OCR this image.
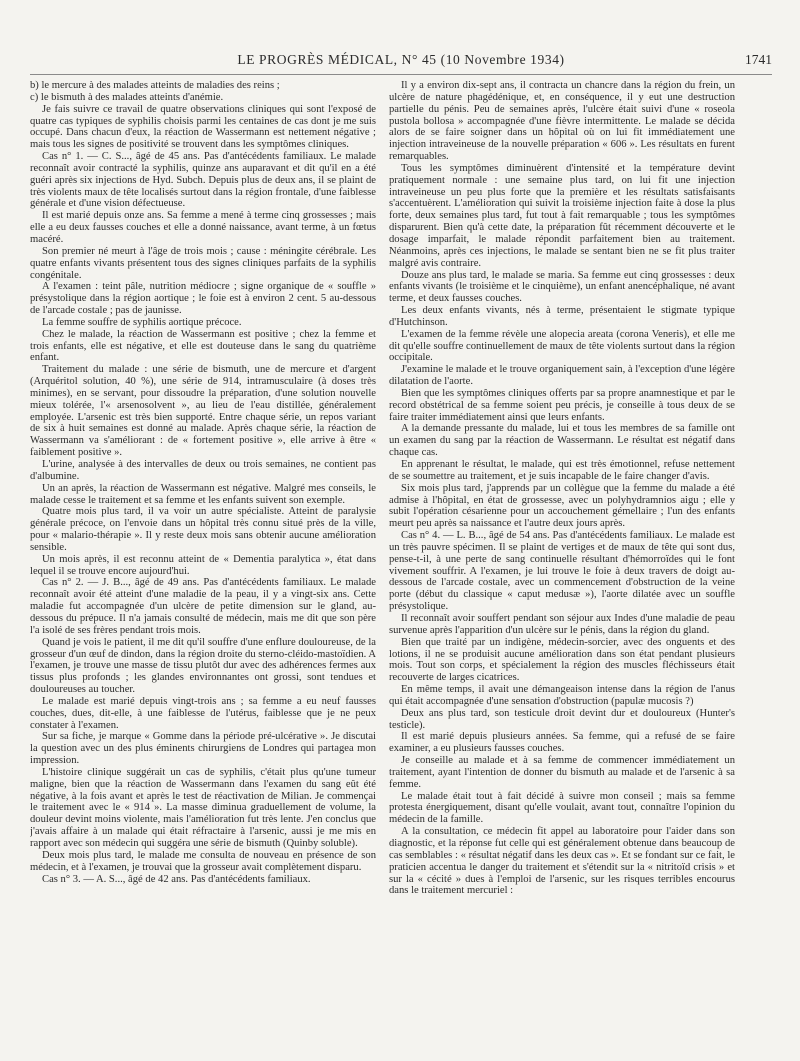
LE PROGRÈS MÉDICAL, N° 45 (10 Novembre 1934)	1741

b) le mercure à des malades atteints de maladies des reins ;

c) le bismuth à des malades atteints d'anémie.

Je fais suivre ce travail de quatre observations cliniques qui sont l'exposé de quatre cas typiques de syphilis choisis parmi les centaines de cas dont je me suis occupé. Dans chacun d'eux, la réaction de Wassermann est nettement négative ; mais tous les signes de positivité se trouvent dans les symptômes cliniques.

Cas n° 1. — C. S..., âgé de 45 ans. Pas d'antécédents familiaux. Le malade reconnaît avoir contracté la syphilis, quinze ans auparavant et dit qu'il en a été guéri après six injections de Hyd. Subch. Depuis plus de deux ans, il se plaint de très violents maux de tête localisés surtout dans la région frontale, d'une faiblesse générale et d'une vision défectueuse.

Il est marié depuis onze ans. Sa femme a mené à terme cinq grossesses ; mais elle a eu deux fausses couches et elle a donné naissance, avant terme, à un fœtus macéré.

Son premier né meurt à l'âge de trois mois ; cause : méningite cérébrale. Les quatre enfants vivants présentent tous des signes cliniques parfaits de la syphilis congénitale.

A l'examen : teint pâle, nutrition médiocre ; signe organique de « souffle » présystolique dans la région aortique ; le foie est à environ 2 cent. 5 au-dessous de l'arcade costale ; pas de jaunisse.

La femme souffre de syphilis aortique précoce.

Chez le malade, la réaction de Wassermann est positive ; chez la femme et trois enfants, elle est négative, et elle est douteuse dans le sang du quatrième enfant.

Traitement du malade : une série de bismuth, une de mercure et d'argent (Arquéritol solution, 40 %), une série de 914, intramusculaire (à doses très minimes), en se servant, pour dissoudre la préparation, d'une solution nouvelle mieux tolérée, l'« arsenosolvent », au lieu de l'eau distillée, généralement employée. L'arsenic est très bien supporté. Entre chaque série, un repos variant de six à huit semaines est donné au malade. Après chaque série, la réaction de Wassermann va s'améliorant : de « fortement positive », elle arrive à être « faiblement positive ».

L'urine, analysée à des intervalles de deux ou trois semaines, ne contient pas d'albumine.

Un an après, la réaction de Wassermann est négative. Malgré mes conseils, le malade cesse le traitement et sa femme et les enfants suivent son exemple.

Quatre mois plus tard, il va voir un autre spécialiste. Atteint de paralysie générale précoce, on l'envoie dans un hôpital très connu situé près de la ville, pour « malario-thérapie ». Il y reste deux mois sans obtenir aucune amélioration sensible.

Un mois après, il est reconnu atteint de « Dementia paralytica », état dans lequel il se trouve encore aujourd'hui.

Cas n° 2. — J. B..., âgé de 49 ans. Pas d'antécédents familiaux. Le malade reconnaît avoir été atteint d'une maladie de la peau, il y a vingt-six ans. Cette maladie fut accompagnée d'un ulcère de petite dimension sur le gland, au-dessous du prépuce. Il n'a jamais consulté de médecin, mais me dit que son père l'a isolé de ses frères pendant trois mois.

Quand je vois le patient, il me dit qu'il souffre d'une enflure douloureuse, de la grosseur d'un œuf de dindon, dans la région droite du sterno-cléido-mastoïdien. A l'examen, je trouve une masse de tissu plutôt dur avec des adhérences fermes aux tissus plus profonds ; les glandes environnantes ont grossi, sont tendues et douloureuses au toucher.

Le malade est marié depuis vingt-trois ans ; sa femme a eu neuf fausses couches, dues, dit-elle, à une faiblesse de l'utérus, faiblesse que je ne peux constater à l'examen.

Sur sa fiche, je marque « Gomme dans la période pré-ulcérative ». Je discutai la question avec un des plus éminents chirurgiens de Londres qui partagea mon impression.

L'histoire clinique suggérait un cas de syphilis, c'était plus qu'une tumeur maligne, bien que la réaction de Wassermann dans l'examen du sang eût été négative, à la fois avant et après le test de réactivation de Milian. Je commençai le traitement avec le « 914 ». La masse diminua graduellement de volume, la douleur devint moins violente, mais l'amélioration fut très lente. J'en conclus que j'avais affaire à un malade qui était réfractaire à l'arsenic, aussi je me mis en rapport avec son médecin qui suggéra une série de bismuth (Quinby soluble).

Deux mois plus tard, le malade me consulta de nouveau en présence de son médecin, et à l'examen, je trouvai que la grosseur avait complètement disparu.

Cas n° 3. — A. S..., âgé de 42 ans. Pas d'antécédents familiaux.

Il y a environ dix-sept ans, il contracta un chancre dans la région du frein, un ulcère de nature phagédénique, et, en conséquence, il y eut une destruction partielle du pénis. Peu de semaines après, l'ulcère était suivi d'une « roseola pustola bollosa » accompagnée d'une fièvre intermittente. Le malade se décida alors de se faire soigner dans un hôpital où on lui fit immédiatement une injection intraveineuse de la nouvelle préparation « 606 ». Les résultats en furent remarquables.

Tous les symptômes diminuèrent d'intensité et la température devint pratiquement normale : une semaine plus tard, on lui fit une injection intraveineuse un peu plus forte que la première et les résultats satisfaisants s'accentuèrent. L'amélioration qui suivit la troisième injection faite à dose la plus forte, deux semaines plus tard, fut tout à fait remarquable ; tous les symptômes disparurent. Bien qu'à cette date, la préparation fût récemment découverte et le dosage imparfait, le malade répondit parfaitement bien au traitement. Néanmoins, après ces injections, le malade se sentant bien ne se fit plus traiter malgré avis contraire.

Douze ans plus tard, le malade se maria. Sa femme eut cinq grossesses : deux enfants vivants (le troisième et le cinquième), un enfant anencéphalique, né avant terme, et deux fausses couches.

Les deux enfants vivants, nés à terme, présentaient le stigmate typique d'Hutchinson.

L'examen de la femme révèle une alopecia areata (corona Veneris), et elle me dit qu'elle souffre continuellement de maux de tête violents surtout dans la région occipitale.

J'examine le malade et le trouve organiquement sain, à l'exception d'une légère dilatation de l'aorte.

Bien que les symptômes cliniques offerts par sa propre anamnestique et par le record obstétrical de sa femme soient peu précis, je conseille à tous deux de se faire traiter immédiatement ainsi que leurs enfants.

A la demande pressante du malade, lui et tous les membres de sa famille ont un examen du sang par la réaction de Wassermann. Le résultat est négatif dans chaque cas.

En apprenant le résultat, le malade, qui est très émotionnel, refuse nettement de se soumettre au traitement, et je suis incapable de le faire changer d'avis.

Six mois plus tard, j'apprends par un collègue que la femme du malade a été admise à l'hôpital, en état de grossesse, avec un polyhydramnios aigu ; elle y subit l'opération césarienne pour un accouchement gémellaire ; l'un des enfants meurt peu après sa naissance et l'autre deux jours après.

Cas n° 4. — L. B..., âgé de 54 ans. Pas d'antécédents familiaux. Le malade est un très pauvre spécimen. Il se plaint de vertiges et de maux de tête qui sont dus, pense-t-il, à une perte de sang continuelle résultant d'hémorroïdes qui le font vivement souffrir. A l'examen, je lui trouve le foie à deux travers de doigt au-dessous de l'arcade costale, avec un commencement d'obstruction de la veine porte (début du classique « caput medusæ »), l'aorte dilatée avec un souffle présystolique.

Il reconnaît avoir souffert pendant son séjour aux Indes d'une maladie de peau survenue après l'apparition d'un ulcère sur le pénis, dans la région du gland.

Bien que traité par un indigène, médecin-sorcier, avec des onguents et des lotions, il ne se produisit aucune amélioration dans son état pendant plusieurs mois. Tout son corps, et spécialement la région des muscles fléchisseurs était recouverte de larges cicatrices.

En même temps, il avait une démangeaison intense dans la région de l'anus qui était accompagnée d'une sensation d'obstruction (papulæ mucosis ?)

Deux ans plus tard, son testicule droit devint dur et douloureux (Hunter's testicle).

Il est marié depuis plusieurs années. Sa femme, qui a refusé de se faire examiner, a eu plusieurs fausses couches.

Je conseille au malade et à sa femme de commencer immédiatement un traitement, ayant l'intention de donner du bismuth au malade et de l'arsenic à sa femme.

Le malade était tout à fait décidé à suivre mon conseil ; mais sa femme protesta énergiquement, disant qu'elle voulait, avant tout, connaître l'opinion du médecin de la famille.

A la consultation, ce médecin fit appel au laboratoire pour l'aider dans son diagnostic, et la réponse fut celle qui est généralement obtenue dans beaucoup de cas semblables : « résultat négatif dans les deux cas ». Et se fondant sur ce fait, le praticien accentua le danger du traitement et s'étendit sur la « nitritoïd crisis » et sur la « cécité » dues à l'emploi de l'arsenic, sur les risques terribles encourus dans le traitement mercuriel :
